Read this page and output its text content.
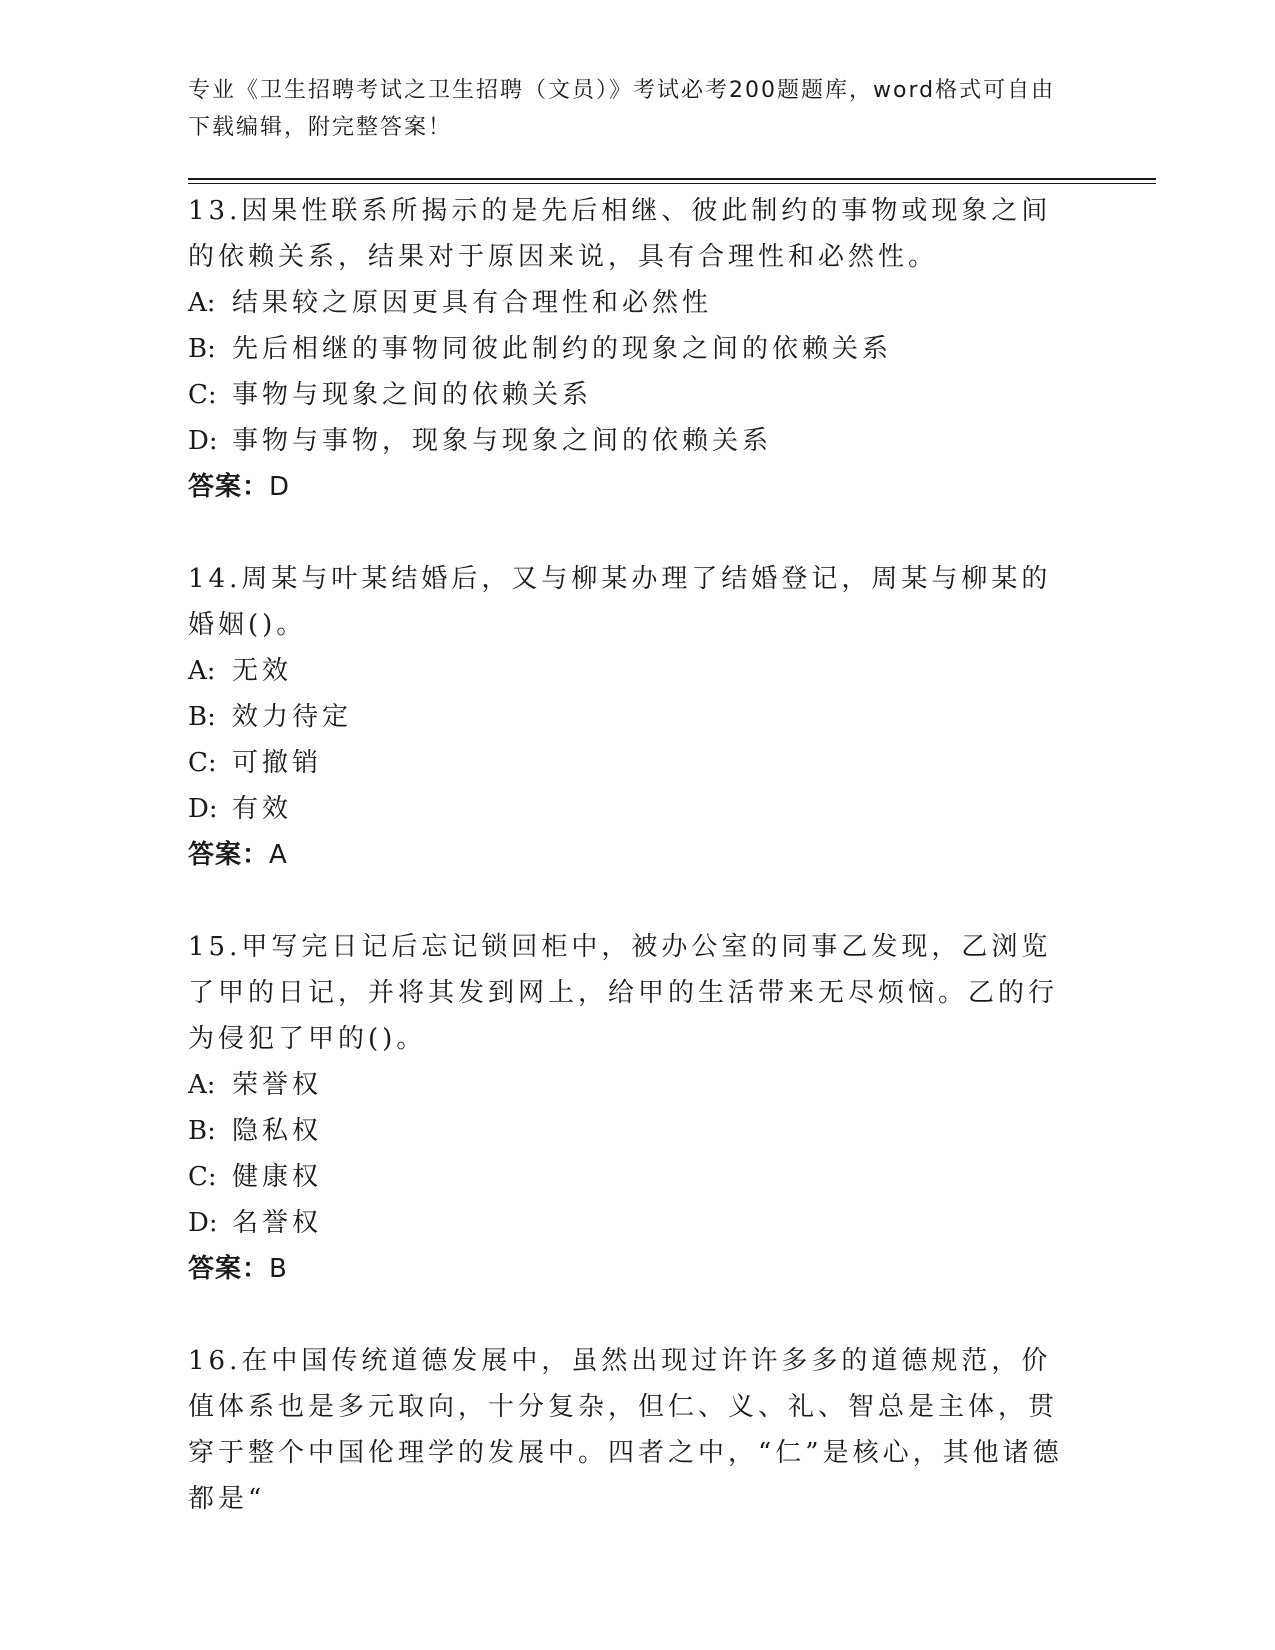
专业《卫生招聘考试之卫生招聘（文员）》考试必考200题题库，word格式可自由下载编辑，附完整答案！

13.因果性联系所揭示的是先后相继、彼此制约的事物或现象之间的依赖关系，结果对于原因来说，具有合理性和必然性。

A: 结果较之原因更具有合理性和必然性

B: 先后相继的事物同彼此制约的现象之间的依赖关系

C: 事物与现象之间的依赖关系

D: 事物与事物，现象与现象之间的依赖关系

答案：D

14.周某与叶某结婚后，又与柳某办理了结婚登记，周某与柳某的婚姻()。

A: 无效

B: 效力待定

C: 可撤销

D: 有效

答案：A

15.甲写完日记后忘记锁回柜中，被办公室的同事乙发现，乙浏览了甲的日记，并将其发到网上，给甲的生活带来无尽烦恼。乙的行为侵犯了甲的()。

A: 荣誉权

B: 隐私权

C: 健康权

D: 名誉权

答案：B

16.在中国传统道德发展中，虽然出现过许许多多的道德规范，价值体系也是多元取向，十分复杂，但仁、义、礼、智总是主体，贯穿于整个中国伦理学的发展中。四者之中，“仁”是核心，其他诸德都是“
